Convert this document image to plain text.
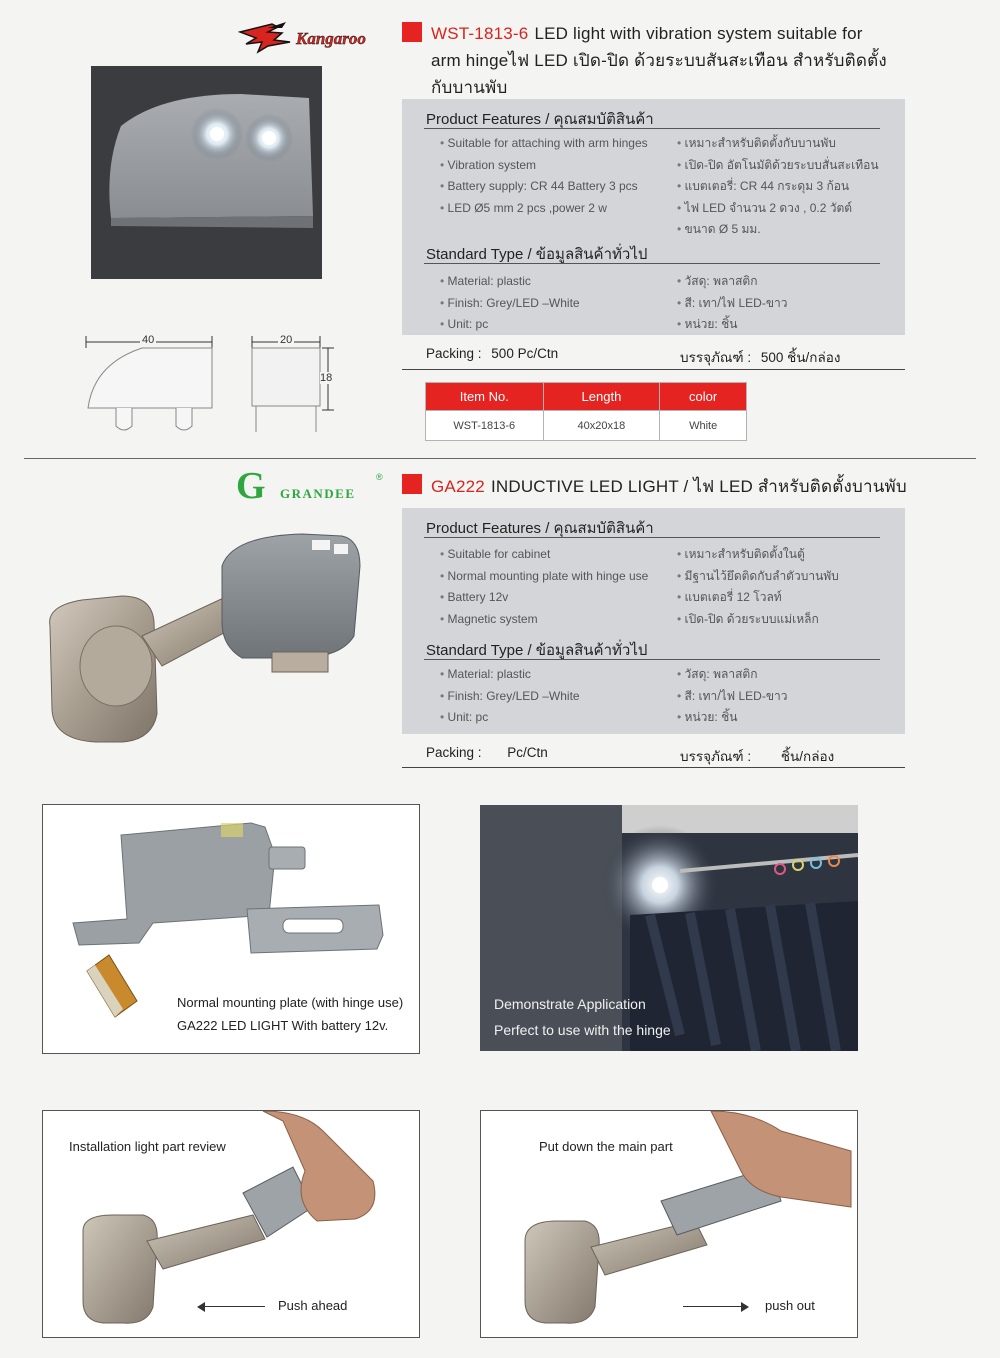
Kangaroo
40	20
18
WST-1813-6 LED light with vibration system suitable for arm hingeไฟ LED เปิด-ปิด ด้วยระบบสันสะเทือน สำหรับติดตั้งกับบานพับ
Product Features / คุณสมบัติสินค้า
• Suitable for attaching with arm hinges
• Vibration system
• Battery supply: CR 44 Battery 3 pcs
• LED Ø5 mm 2 pcs ,power 2 w
• เหมาะสำหรับติดตั้งกับบานพับ
• เปิด-ปิด อัตโนมัติด้วยระบบสั่นสะเทือน
• แบตเตอรี่: CR 44 กระดุม 3 ก้อน
• ไฟ LED จำนวน 2 ดวง , 0.2 วัตต์
• ขนาด Ø 5 มม.
Standard Type / ข้อมูลสินค้าทั่วไป
• Material: plastic
• Finish: Grey/LED –White
• Unit: pc
• วัสดุ: พลาสติก
• สี: เทา/ไฟ LED-ขาว
• หน่วย: ชิ้น
Packing : 500 Pc/Ctn	บรรจุภัณฑ์ : 500 ชิ้น/กล่อง
Item No.	Length	color
WST-1813-6	40x20x18	White
G GRANDEE
®	GA222 INDUCTIVE LED LIGHT / ไฟ LED สำหรับติดตั้งบานพับ
Product Features / คุณสมบัติสินค้า
• Suitable for cabinet
• Normal mounting plate with hinge use
• Battery 12v
• Magnetic system
• เหมาะสำหรับติดตั้งในตู้
• มีฐานไว้ยึดติดกับลำตัวบานพับ
• แบตเตอรี่ 12 โวลท์
• เปิด-ปิด ด้วยระบบแม่เหล็ก
Standard Type / ข้อมูลสินค้าทั่วไป
• Material: plastic
• Finish: Grey/LED –White
• Unit: pc
• วัสดุ: พลาสติก
• สี: เทา/ไฟ LED-ขาว
• หน่วย: ชิ้น
Packing : Pc/Ctn	บรรจุภัณฑ์ : ชิ้น/กล่อง
Normal mounting plate (with hinge use)
GA222 LED LIGHT With battery 12v.
Demonstrate Application
Perfect to use with the hinge
Installation light part review
Push ahead
Put down the main part
push out
